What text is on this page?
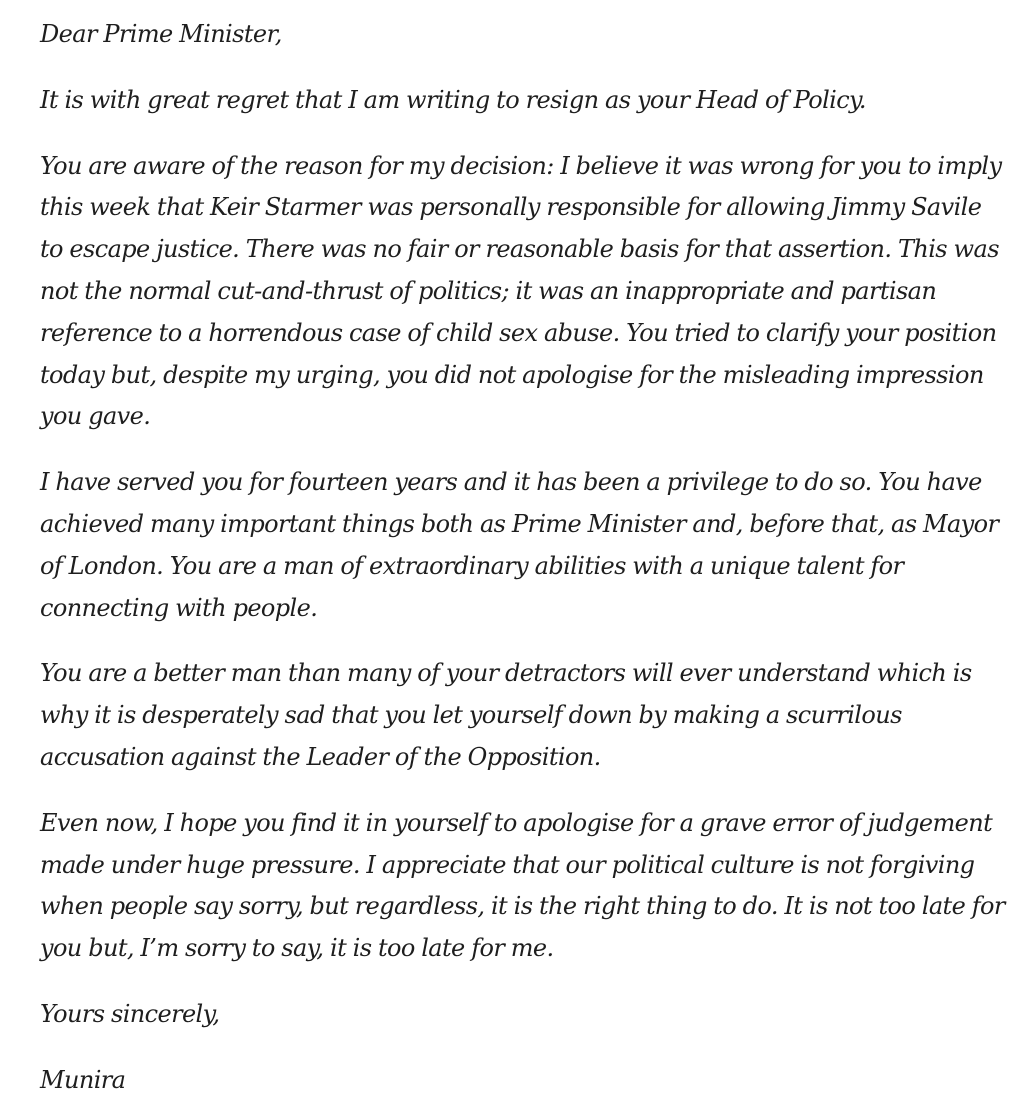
Dear Prime Minister,

It is with great regret that I am writing to resign as your Head of Policy.

You are aware of the reason for my decision: I believe it was wrong for you to imply this week that Keir Starmer was personally responsible for allowing Jimmy Savile to escape justice. There was no fair or reasonable basis for that assertion. This was not the normal cut-and-thrust of politics; it was an inappropriate and partisan reference to a horrendous case of child sex abuse. You tried to clarify your position today but, despite my urging, you did not apologise for the misleading impression you gave.

I have served you for fourteen years and it has been a privilege to do so. You have achieved many important things both as Prime Minister and, before that, as Mayor of London. You are a man of extraordinary abilities with a unique talent for connecting with people.

You are a better man than many of your detractors will ever understand which is why it is desperately sad that you let yourself down by making a scurrilous accusation against the Leader of the Opposition.

Even now, I hope you find it in yourself to apologise for a grave error of judgement made under huge pressure. I appreciate that our political culture is not forgiving when people say sorry, but regardless, it is the right thing to do. It is not too late for you but, I’m sorry to say, it is too late for me.

Yours sincerely,

Munira
